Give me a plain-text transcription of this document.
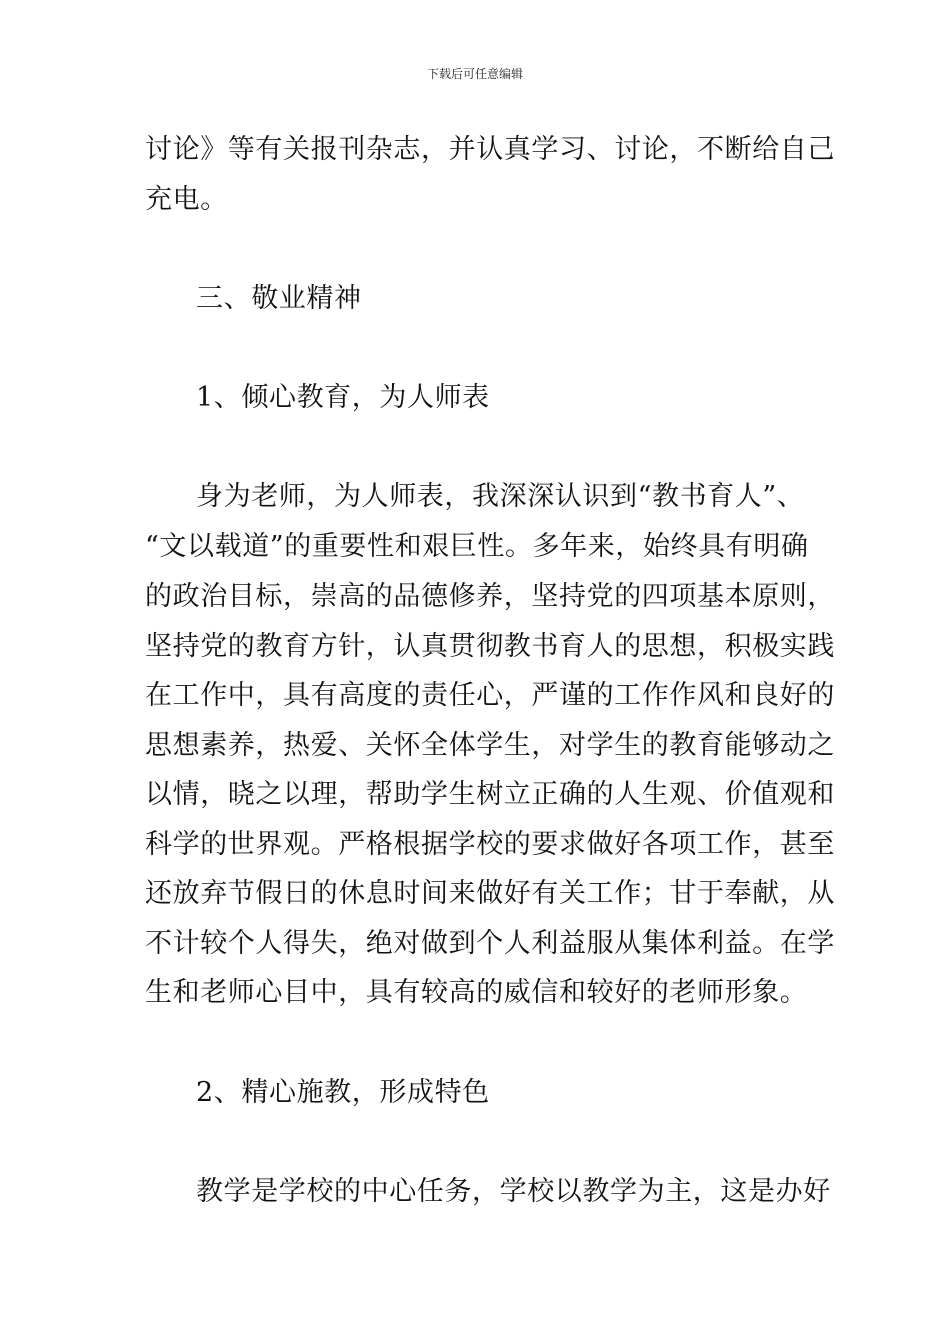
下载后可任意编辑
讨论》等有关报刊杂志，并认真学习、讨论，不断给自己
充电。
三、敬业精神
1、倾心教育，为人师表
身为老师，为人师表，我深深认识到“教书育人”、
“文以载道”的重要性和艰巨性。多年来，始终具有明确
的政治目标，崇高的品德修养，坚持党的四项基本原则，
坚持党的教育方针，认真贯彻教书育人的思想，积极实践
在工作中，具有高度的责任心，严谨的工作作风和良好的
思想素养，热爱、关怀全体学生，对学生的教育能够动之
以情，晓之以理，帮助学生树立正确的人生观、价值观和
科学的世界观。严格根据学校的要求做好各项工作，甚至
还放弃节假日的休息时间来做好有关工作；甘于奉献，从
不计较个人得失，绝对做到个人利益服从集体利益。在学
生和老师心目中，具有较高的威信和较好的老师形象。
2、精心施教，形成特色
教学是学校的中心任务，学校以教学为主，这是办好
